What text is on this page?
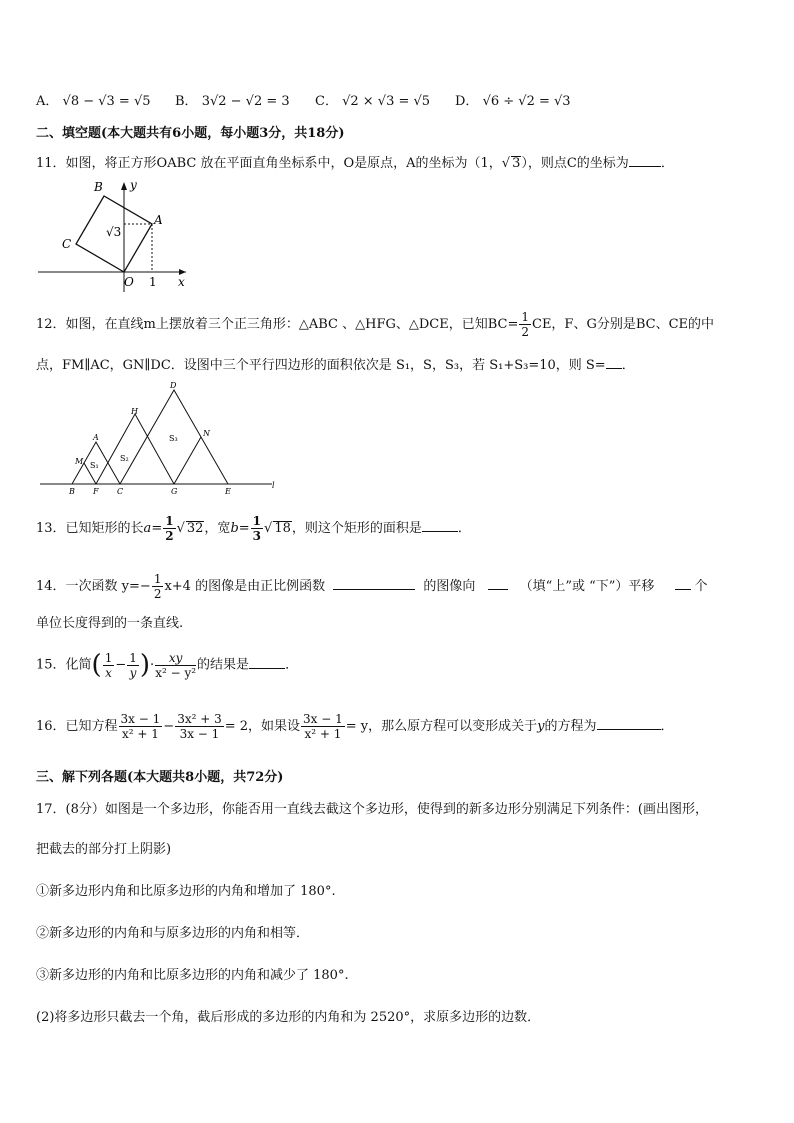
A． √8 − √3 = √5 B． 3√2 − √2 = 3 C． √2 × √3 = √5 D． √6 ÷ √2 = √3
二、填空题(本大题共有6小题，每小题3分，共18分)
11．如图，将正方形OABC 放在平面直角坐标系中，O是原点，A的坐标为（1，√ 3），则点C的坐标为 ．
B y
A
C
√3
O 1 x
12．如图，在直线m上摆放着三个正三角形：△ABC 、△HFG、△DCE，已知$BC= \frac{1}{2}$ CE，F、G分别是BC、CE的中
点，FM∥AC，GN∥DC．设图中三个平行四边形的面积依次是 S₁，S，S₃，若 S₁+S₃=10，则 S= ．
D
H
A	N
M S₁
S₂
S₃
B F C	G	E
l
13．已知矩形的长$a= \frac{1}{2}$ √ 32，宽$b= \frac{1}{3}$ √ 18，则这个矩形的面积是	．
14．一次函数 $y=- \frac{1}{2} x+4$ 的图像是由正比例函数	的图像向	（填“上”或 “下”）平移	个
单位长度得到的一条直线.
15．化简( $\frac{1}{x} - \frac{1}{y}$ )· $\frac{xy}{\text{x² − y²}}$ 的结果是	．
16．已知方程 $\frac{3x - 1}{\text{x² + 1}} - \frac{\text{3x² + 3}}{3x - 1} = 2$，如果设 $\frac{3x - 1}{\text{x² + 1}} = y$，那么原方程可以变形成关于y的方程为	．
三、解下列各题(本大题共8小题，共72分)
17．(8分）如图是一个多边形，你能否用一直线去截这个多边形，使得到的新多边形分别满足下列条件：(画出图形，
把截去的部分打上阴影)
①新多边形内角和比原多边形的内角和增加了 180°.
②新多边形的内角和与原多边形的内角和相等．
③新多边形的内角和比原多边形的内角和减少了 180°.
(2)将多边形只截去一个角，截后形成的多边形的内角和为 2520°，求原多边形的边数．
